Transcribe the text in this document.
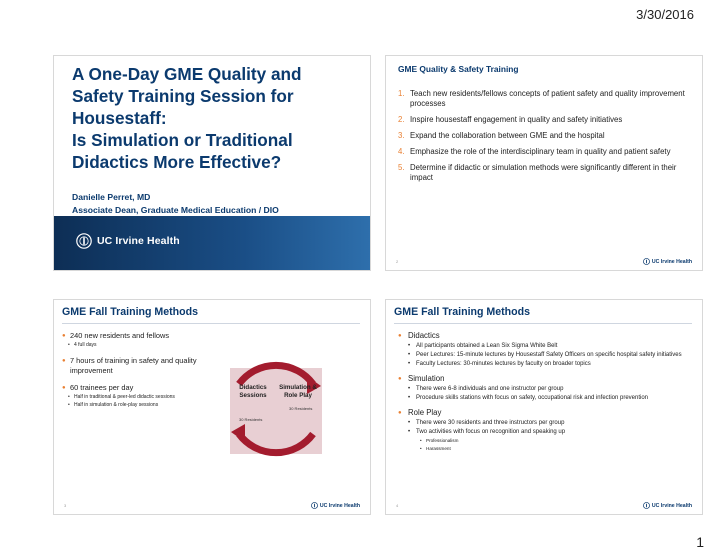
3/30/2016
A One-Day GME Quality and
Safety Training Session for
Housestaff:
Is Simulation or Traditional
Didactics More Effective?
Danielle Perret, MD
Associate Dean, Graduate Medical Education / DIO
UC Irvine Health
GME Quality & Safety Training
1. Teach new residents/fellows concepts of patient safety and quality improvement processes
2. Inspire housestaff engagement in quality and safety initiatives
3. Expand the collaboration between GME and the hospital
4. Emphasize the role of the interdisciplinary team in quality and patient safety
5. Determine if didactic or simulation methods were significantly different in their impact
2	UC Irvine Health
GME Fall Training Methods
● 240 new residents and fellows
• 4 full days
● 7 hours of training in safety and quality improvement
● 60 trainees per day
• Half in traditional & peer-led didactic sessions
• Half in simulation & role-play sessions
Didactics Sessions
Simulation & Role Play
30 Residents
30 Residents
3	UC Irvine Health
GME Fall Training Methods
● Didactics
• All participants obtained a Lean Six Sigma White Belt
• Peer Lectures: 15-minute lectures by Housestaff Safety Officers on specific hospital safety initiatives
• Faculty Lectures: 30-minutes lectures by faculty on broader topics
● Simulation
• There were 6-8 individuals and one instructor per group
• Procedure skills stations with focus on safety, occupational risk and infection prevention
● Role Play
• There were 30 residents and three instructors per group
• Two activities with focus on recognition and speaking up
• Professionalism
• Harassment
4	UC Irvine Health
1
